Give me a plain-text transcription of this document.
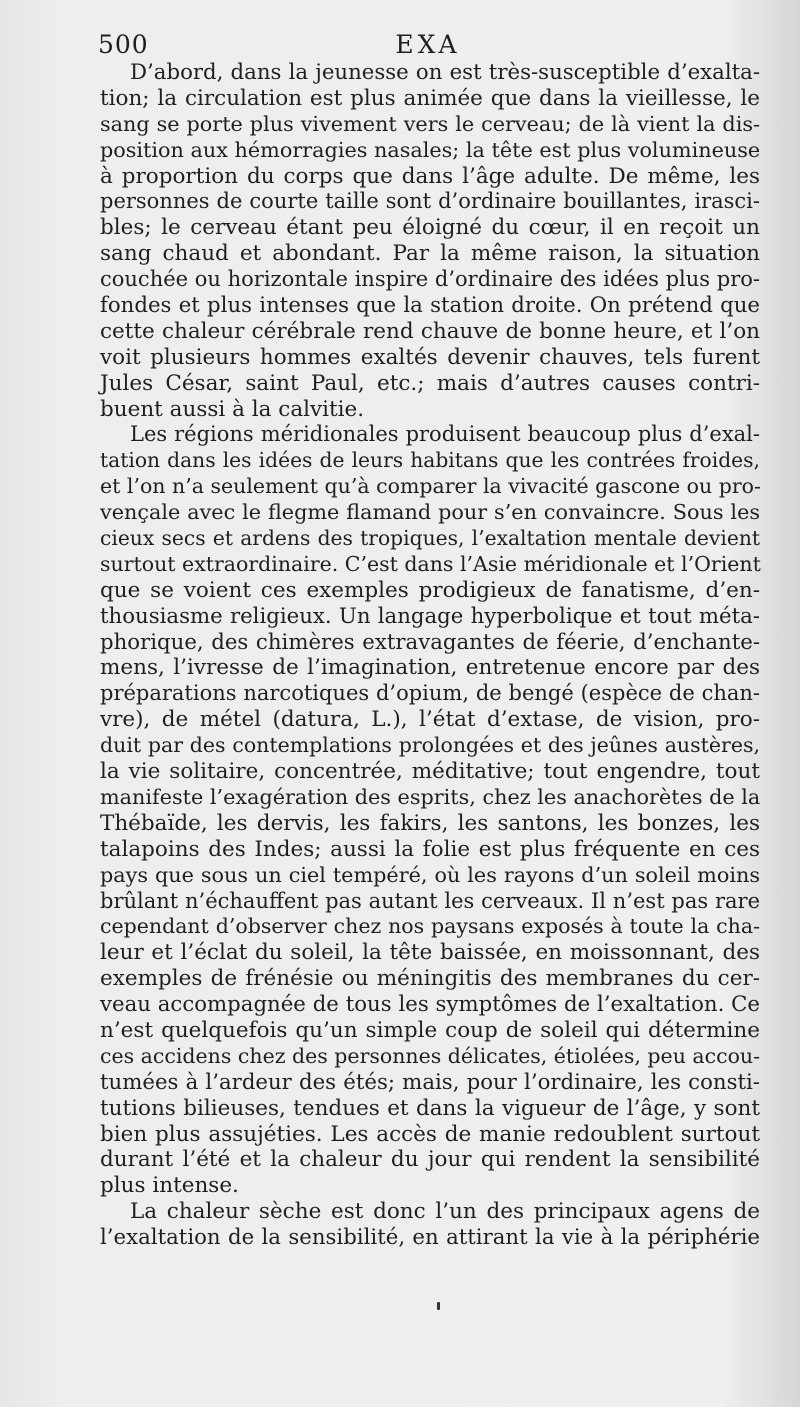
500	EXA

D’abord, dans la jeunesse on est très-susceptible d’exalta-
tion; la circulation est plus animée que dans la vieillesse, le
sang se porte plus vivement vers le cerveau; de là vient la dis-
position aux hémorragies nasales; la tête est plus volumineuse
à proportion du corps que dans l’âge adulte. De même, les
personnes de courte taille sont d’ordinaire bouillantes, irasci-
bles; le cerveau étant peu éloigné du cœur, il en reçoit un
sang chaud et abondant. Par la même raison, la situation
couchée ou horizontale inspire d’ordinaire des idées plus pro-
fondes et plus intenses que la station droite. On prétend que
cette chaleur cérébrale rend chauve de bonne heure, et l’on
voit plusieurs hommes exaltés devenir chauves, tels furent
Jules César, saint Paul, etc.; mais d’autres causes contri-
buent aussi à la calvitie.

Les régions méridionales produisent beaucoup plus d’exal-
tation dans les idées de leurs habitans que les contrées froides,
et l’on n’a seulement qu’à comparer la vivacité gascone ou pro-
vençale avec le flegme flamand pour s’en convaincre. Sous les
cieux secs et ardens des tropiques, l’exaltation mentale devient
surtout extraordinaire. C’est dans l’Asie méridionale et l’Orient
que se voient ces exemples prodigieux de fanatisme, d’en-
thousiasme religieux. Un langage hyperbolique et tout méta-
phorique, des chimères extravagantes de féerie, d’enchante-
mens, l’ivresse de l’imagination, entretenue encore par des
préparations narcotiques d’opium, de bengé (espèce de chan-
vre), de métel (datura, L.), l’état d’extase, de vision, pro-
duit par des contemplations prolongées et des jeûnes austères,
la vie solitaire, concentrée, méditative; tout engendre, tout
manifeste l’exagération des esprits, chez les anachorètes de la
Thébaïde, les dervis, les fakirs, les santons, les bonzes, les
talapoins des Indes; aussi la folie est plus fréquente en ces
pays que sous un ciel tempéré, où les rayons d’un soleil moins
brûlant n’échauffent pas autant les cerveaux. Il n’est pas rare
cependant d’observer chez nos paysans exposés à toute la cha-
leur et l’éclat du soleil, la tête baissée, en moissonnant, des
exemples de frénésie ou méningitis des membranes du cer-
veau accompagnée de tous les symptômes de l’exaltation. Ce
n’est quelquefois qu’un simple coup de soleil qui détermine
ces accidens chez des personnes délicates, étiolées, peu accou-
tumées à l’ardeur des étés; mais, pour l’ordinaire, les consti-
tutions bilieuses, tendues et dans la vigueur de l’âge, y sont
bien plus assujéties. Les accès de manie redoublent surtout
durant l’été et la chaleur du jour qui rendent la sensibilité
plus intense.

La chaleur sèche est donc l’un des principaux agens de
l’exaltation de la sensibilité, en attirant la vie à la périphérie
